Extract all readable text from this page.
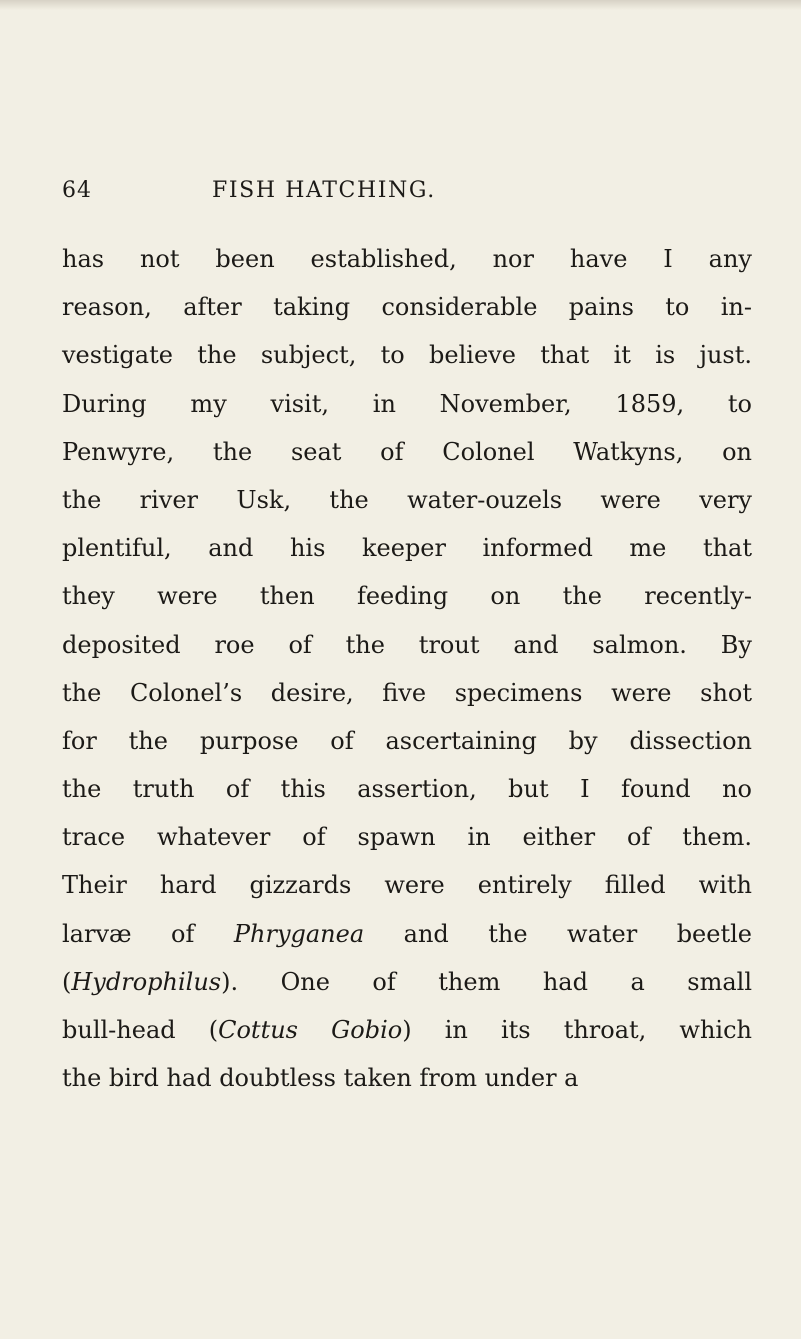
64	FISH HATCHING.
has not been established, nor have I any
reason, after taking considerable pains to in-
vestigate the subject, to believe that it is just.
During my visit, in November, 1859, to
Penwyre, the seat of Colonel Watkyns, on
the river Usk, the water-ouzels were very
plentiful, and his keeper informed me that
they were then feeding on the recently-
deposited roe of the trout and salmon. By
the Colonel’s desire, five specimens were shot
for the purpose of ascertaining by dissection
the truth of this assertion, but I found no
trace whatever of spawn in either of them.
Their hard gizzards were entirely filled with
larvæ of Phryganea and the water beetle
(Hydrophilus). One of them had a small
bull-head (Cottus Gobio) in its throat, which
the bird had doubtless taken from under a
